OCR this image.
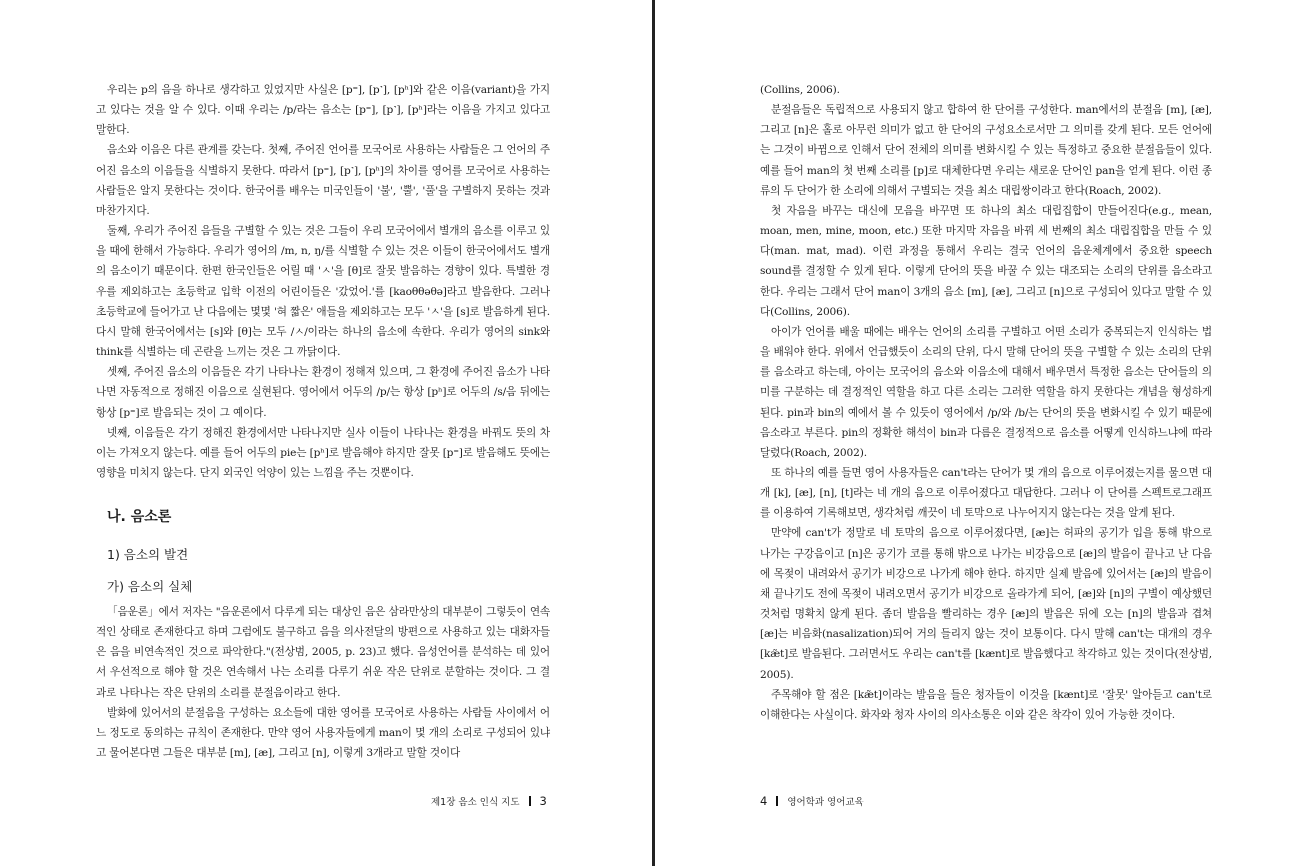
우리는 p의 음을 하나로 생각하고 있었지만 사실은 [p⁼], [p˺], [pʰ]와 같은 이음(variant)을 가지고 있다는 것을 알 수 있다. 이때 우리는 /p/라는 음소는 [p⁼], [p˺], [pʰ]라는 이음을 가지고 있다고 말한다.

음소와 이음은 다른 관계를 갖는다. 첫째, 주어진 언어를 모국어로 사용하는 사람들은 그 언어의 주어진 음소의 이음들을 식별하지 못한다. 따라서 [p⁼], [p˺], [pʰ]의 차이를 영어를 모국어로 사용하는 사람들은 알지 못한다는 것이다. 한국어를 배우는 미국인들이 '불', '뿔', '풀'을 구별하지 못하는 것과 마찬가지다.

둘째, 우리가 주어진 음들을 구별할 수 있는 것은 그들이 우리 모국어에서 별개의 음소를 이루고 있을 때에 한해서 가능하다. 우리가 영어의 /m, n, ŋ/를 식별할 수 있는 것은 이들이 한국어에서도 별개의 음소이기 때문이다. 한편 한국인들은 어릴 때 'ㅅ'을 [θ]로 잘못 발음하는 경향이 있다. 특별한 경우를 제외하고는 초등학교 입학 이전의 어린이들은 '갔었어.'를 [kaoθθəθə]라고 발음한다. 그러나 초등학교에 들어가고 난 다음에는 몇몇 '혀 짧은' 애들을 제외하고는 모두 'ㅅ'을 [s]로 발음하게 된다. 다시 말해 한국어에서는 [s]와 [θ]는 모두 /ㅅ/이라는 하나의 음소에 속한다. 우리가 영어의 sink와 think를 식별하는 데 곤란을 느끼는 것은 그 까닭이다.

셋째, 주어진 음소의 이음들은 각기 나타나는 환경이 정해져 있으며, 그 환경에 주어진 음소가 나타나면 자동적으로 정해진 이음으로 실현된다. 영어에서 어두의 /p/는 항상 [pʰ]로 어두의 /s/음 뒤에는 항상 [p⁼]로 발음되는 것이 그 예이다.

넷째, 이음들은 각기 정해진 환경에서만 나타나지만 실사 이들이 나타나는 환경을 바꿔도 뜻의 차이는 가져오지 않는다. 예를 들어 어두의 pie는 [pʰ]로 발음해야 하지만 잘못 [p⁼]로 발음해도 뜻에는 영향을 미치지 않는다. 단지 외국인 억양이 있는 느낌을 주는 것뿐이다.

나. 음소론
1) 음소의 발견
가) 음소의 실체

「음운론」에서 저자는 "음운론에서 다루게 되는 대상인 음은 삼라만상의 대부분이 그렇듯이 연속적인 상태로 존재한다고 하며 그럼에도 불구하고 음을 의사전달의 방편으로 사용하고 있는 대화자들은 음을 비연속적인 것으로 파악한다."(전상범, 2005, p. 23)고 했다. 음성언어를 분석하는 데 있어서 우선적으로 해야 할 것은 연속해서 나는 소리를 다루기 쉬운 작은 단위로 분할하는 것이다. 그 결과로 나타나는 작은 단위의 소리를 분절음이라고 한다.

발화에 있어서의 분절음을 구성하는 요소들에 대한 영어를 모국어로 사용하는 사람들 사이에서 어느 정도로 동의하는 규칙이 존재한다. 만약 영어 사용자들에게 man이 몇 개의 소리로 구성되어 있냐고 물어본다면 그들은 대부분 [m], [æ], 그리고 [n], 이렇게 3개라고 말할 것이다

제1장 음소 인식 지도 3

(Collins, 2006).

분절음들은 독립적으로 사용되지 않고 합하여 한 단어를 구성한다. man에서의 분절음 [m], [æ], 그리고 [n]은 홀로 아무런 의미가 없고 한 단어의 구성요소로서만 그 의미를 갖게 된다. 모든 언어에는 그것이 바뀜으로 인해서 단어 전체의 의미를 변화시킬 수 있는 특정하고 중요한 분절음들이 있다. 예를 들어 man의 첫 번째 소리를 [p]로 대체한다면 우리는 새로운 단어인 pan을 얻게 된다. 이런 종류의 두 단어가 한 소리에 의해서 구별되는 것을 최소 대립쌍이라고 한다(Roach, 2002).

첫 자음을 바꾸는 대신에 모음을 바꾸면 또 하나의 최소 대립집합이 만들어진다(e.g., mean, moan, men, mine, moon, etc.) 또한 마지막 자음을 바꿔 세 번째의 최소 대립집합을 만들 수 있다(man. mat, mad). 이런 과정을 통해서 우리는 결국 언어의 음운체계에서 중요한 speech sound를 결정할 수 있게 된다. 이렇게 단어의 뜻을 바꿀 수 있는 대조되는 소리의 단위를 음소라고 한다. 우리는 그래서 단어 man이 3개의 음소 [m], [æ], 그리고 [n]으로 구성되어 있다고 말할 수 있다(Collins, 2006).

아이가 언어를 배울 때에는 배우는 언어의 소리를 구별하고 어떤 소리가 중복되는지 인식하는 법을 배워야 한다. 위에서 언급했듯이 소리의 단위, 다시 말해 단어의 뜻을 구별할 수 있는 소리의 단위를 음소라고 하는데, 아이는 모국어의 음소와 이음소에 대해서 배우면서 특정한 음소는 단어들의 의미를 구분하는 데 결정적인 역할을 하고 다른 소리는 그러한 역할을 하지 못한다는 개념을 형성하게 된다. pin과 bin의 예에서 볼 수 있듯이 영어에서 /p/와 /b/는 단어의 뜻을 변화시킬 수 있기 때문에 음소라고 부른다. pin의 정확한 해석이 bin과 다름은 결정적으로 음소를 어떻게 인식하느냐에 따라 달렸다(Roach, 2002).

또 하나의 예를 들면 영어 사용자들은 can't라는 단어가 몇 개의 음으로 이루어졌는지를 물으면 대개 [k], [æ], [n], [t]라는 네 개의 음으로 이루어졌다고 대답한다. 그러나 이 단어를 스펙트로그래프를 이용하여 기록해보면, 생각처럼 깨끗이 네 토막으로 나누어지지 않는다는 것을 알게 된다.

만약에 can't가 정말로 네 토막의 음으로 이루어졌다면, [æ]는 허파의 공기가 입을 통해 밖으로 나가는 구강음이고 [n]은 공기가 코를 통해 밖으로 나가는 비강음으로 [æ]의 발음이 끝나고 난 다음에 목젖이 내려와서 공기가 비강으로 나가게 해야 한다. 하지만 실제 발음에 있어서는 [æ]의 발음이 채 끝나기도 전에 목젖이 내려오면서 공기가 비강으로 올라가게 되어, [æ]와 [n]의 구별이 예상했던 것처럼 명확치 않게 된다. 좀더 발음을 빨리하는 경우 [æ]의 발음은 뒤에 오는 [n]의 발음과 겹쳐 [æ]는 비음화(nasalization)되어 거의 들리지 않는 것이 보통이다. 다시 말해 can't는 대개의 경우 [kæ̃t]로 발음된다. 그러면서도 우리는 can't를 [kænt]로 발음했다고 착각하고 있는 것이다(전상범, 2005).

주목해야 할 점은 [kæ̃t]이라는 발음을 들은 청자들이 이것을 [kænt]로 '잘못' 알아듣고 can't로 이해한다는 사실이다. 화자와 청자 사이의 의사소통은 이와 같은 착각이 있어 가능한 것이다.

4 영어학과 영어교육
